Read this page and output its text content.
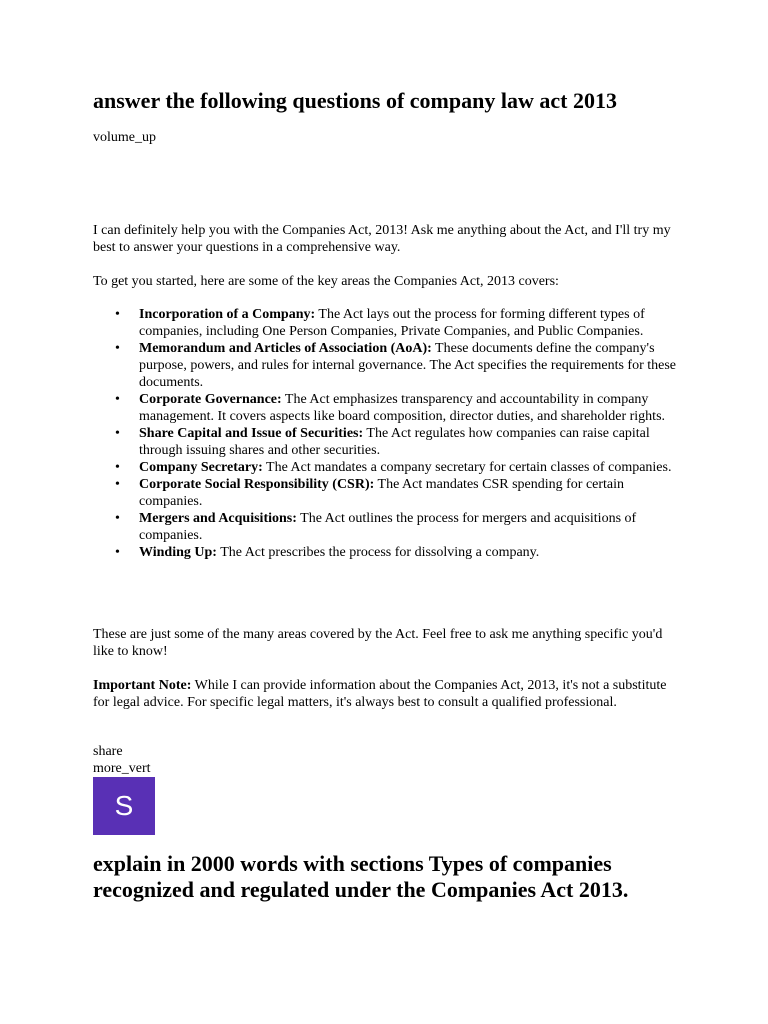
answer the following questions of company law act 2013
volume_up

I can definitely help you with the Companies Act, 2013! Ask me anything about the Act, and I'll try my best to answer your questions in a comprehensive way.

To get you started, here are some of the key areas the Companies Act, 2013 covers:

• Incorporation of a Company: The Act lays out the process for forming different types of companies, including One Person Companies, Private Companies, and Public Companies.
• Memorandum and Articles of Association (AoA): These documents define the company's purpose, powers, and rules for internal governance. The Act specifies the requirements for these documents.
• Corporate Governance: The Act emphasizes transparency and accountability in company management. It covers aspects like board composition, director duties, and shareholder rights.
• Share Capital and Issue of Securities: The Act regulates how companies can raise capital through issuing shares and other securities.
• Company Secretary: The Act mandates a company secretary for certain classes of companies.
• Corporate Social Responsibility (CSR): The Act mandates CSR spending for certain companies.
• Mergers and Acquisitions: The Act outlines the process for mergers and acquisitions of companies.
• Winding Up: The Act prescribes the process for dissolving a company.

These are just some of the many areas covered by the Act. Feel free to ask me anything specific you'd like to know!

Important Note: While I can provide information about the Companies Act, 2013, it's not a substitute for legal advice. For specific legal matters, it's always best to consult a qualified professional.

share
more_vert
S
explain in 2000 words with sections Types of companies recognized and regulated under the Companies Act 2013.
